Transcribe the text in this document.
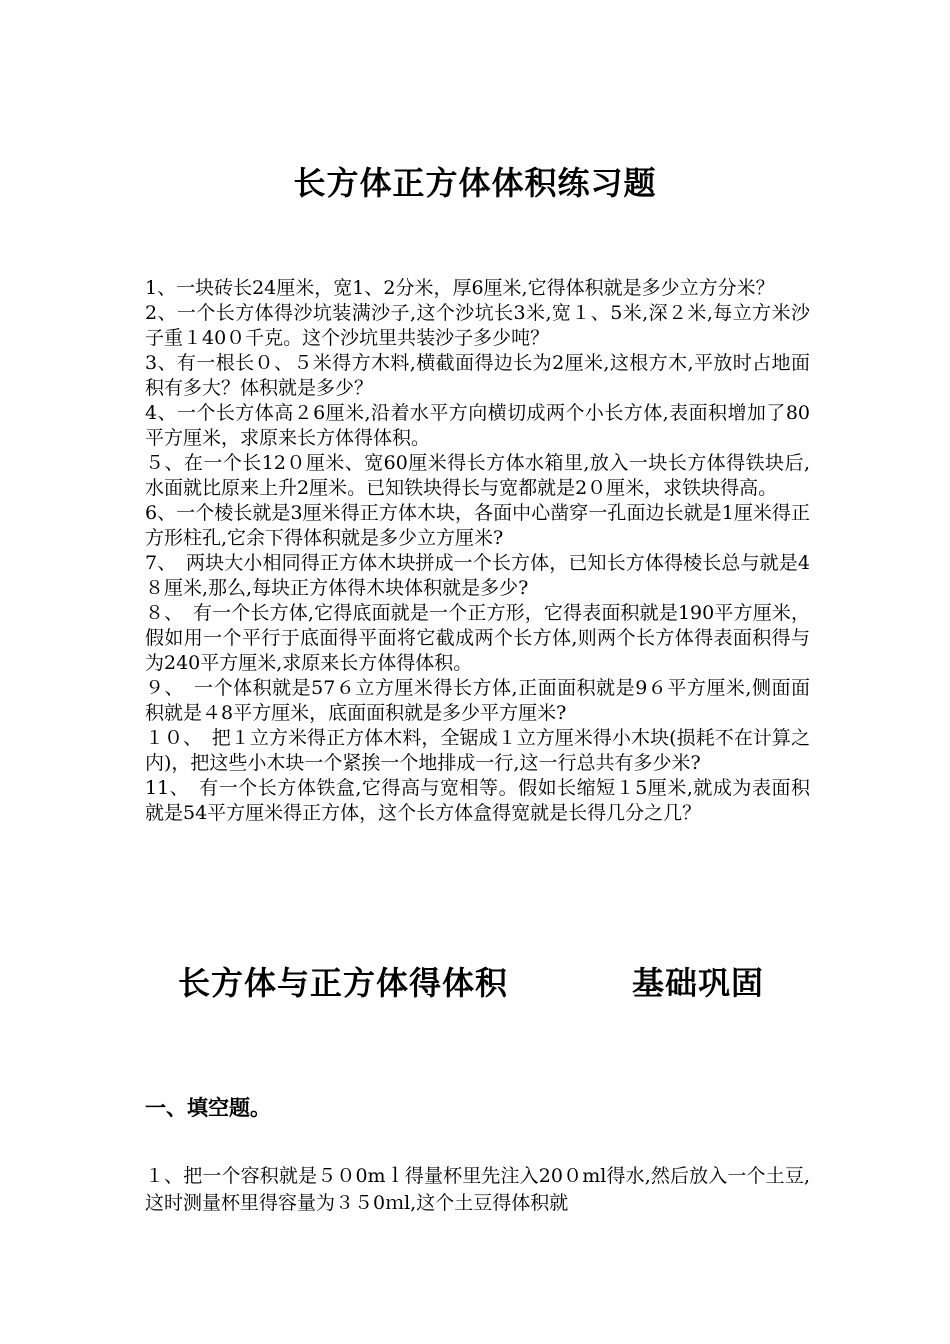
长方体正方体体积练习题

1、一块砖长24厘米，宽1、2分米，厚6厘米,它得体积就是多少立方分米？

2、一个长方体得沙坑装满沙子,这个沙坑长3米,宽１、5米,深２米,每立方米沙子重１40０千克。这个沙坑里共装沙子多少吨？

3、有一根长０、５米得方木料,横截面得边长为2厘米,这根方木,平放时占地面积有多大？体积就是多少？

4、一个长方体高２6厘米,沿着水平方向横切成两个小长方体,表面积增加了80平方厘米，求原来长方体得体积。

５、在一个长12０厘米、宽60厘米得长方体水箱里,放入一块长方体得铁块后,水面就比原来上升2厘米。已知铁块得长与宽都就是2０厘米，求铁块得高。

6、一个棱长就是3厘米得正方体木块，各面中心凿穿一孔面边长就是1厘米得正方形柱孔,它余下得体积就是多少立方厘米?

7、　两块大小相同得正方体木块拼成一个长方体，已知长方体得棱长总与就是4８厘米,那么,每块正方体得木块体积就是多少?

８、　有一个长方体,它得底面就是一个正方形，它得表面积就是190平方厘米，假如用一个平行于底面得平面将它截成两个长方体,则两个长方体得表面积得与为240平方厘米,求原来长方体得体积。

９、　一个体积就是57６立方厘米得长方体,正面面积就是9６平方厘米,侧面面积就是４8平方厘米，底面面积就是多少平方厘米?

１０、　把１立方米得正方体木料，全锯成１立方厘米得小木块(损耗不在计算之内)，把这些小木块一个紧挨一个地排成一行,这一行总共有多少米?

11、　有一个长方体铁盒,它得高与宽相等。假如长缩短１5厘米,就成为表面积就是54平方厘米得正方体，这个长方体盒得宽就是长得几分之几？

长方体与正方体得体积	基础巩固
一、填空题。
１、把一个容积就是５０0mｌ得量杯里先注入20０ml得水,然后放入一个土豆,这时测量杯里得容量为３５0ｍl,这个土豆得体积就
